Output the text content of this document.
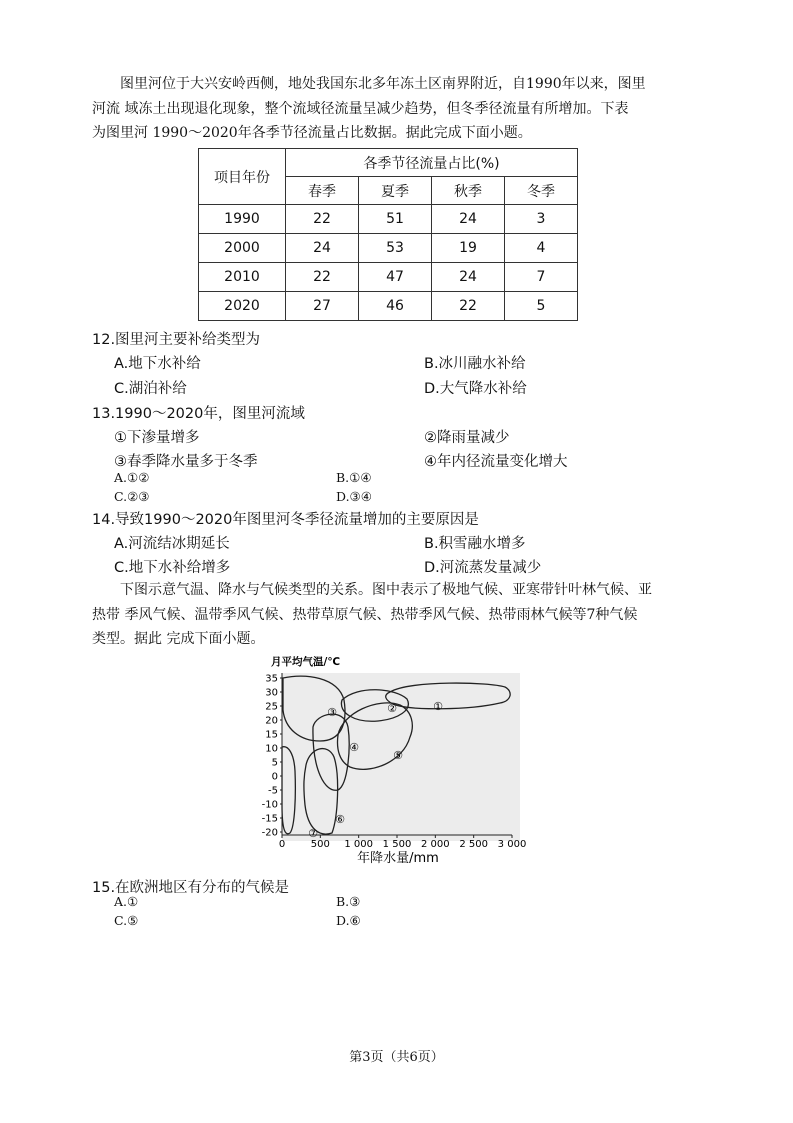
图里河位于大兴安岭西侧，地处我国东北多年冻土区南界附近，自1990年以来，图里
河流 域冻土出现退化现象，整个流域径流量呈减少趋势，但冬季径流量有所增加。下表
为图里河 1990～2020年各季节径流量占比数据。据此完成下面小题。
项目年份	各季节径流量占比(%)			
	春季	夏季	秋季	冬季
1990	22	51	24	3
2000	24	53	19	4
2010	22	47	24	7
2020	27	46	22	5
12.图里河主要补给类型为
A.地下水补给	B.冰川融水补给
C.湖泊补给	D.大气降水补给
13.1990～2020年，图里河流域
①下渗量增多	②降雨量减少
③春季降水量多于冬季	④年内径流量变化增大
A.①②	B.①④
C.②③	D.③④
14.导致1990～2020年图里河冬季径流量增加的主要原因是
A.河流结冰期延长	B.积雪融水增多
C.地下水补给增多	D.河流蒸发量减少
下图示意气温、降水与气候类型的关系。图中表示了极地气候、亚寒带针叶林气候、亚
热带 季风气候、温带季风气候、热带草原气候、热带季风气候、热带雨林气候等7种气候
类型。据此 完成下面小题。
月平均气温/℃
年降水量/mm
35
30
25
20
15
10
5
0
-5
-10
-15
-20
0	500 1 000 1 500 2 000 2 500 3 000
①
②
③
④
⑤
⑥
⑦
15.在欧洲地区有分布的气候是
A.①	B.③
C.⑤	D.⑥
第3页（共6页）
